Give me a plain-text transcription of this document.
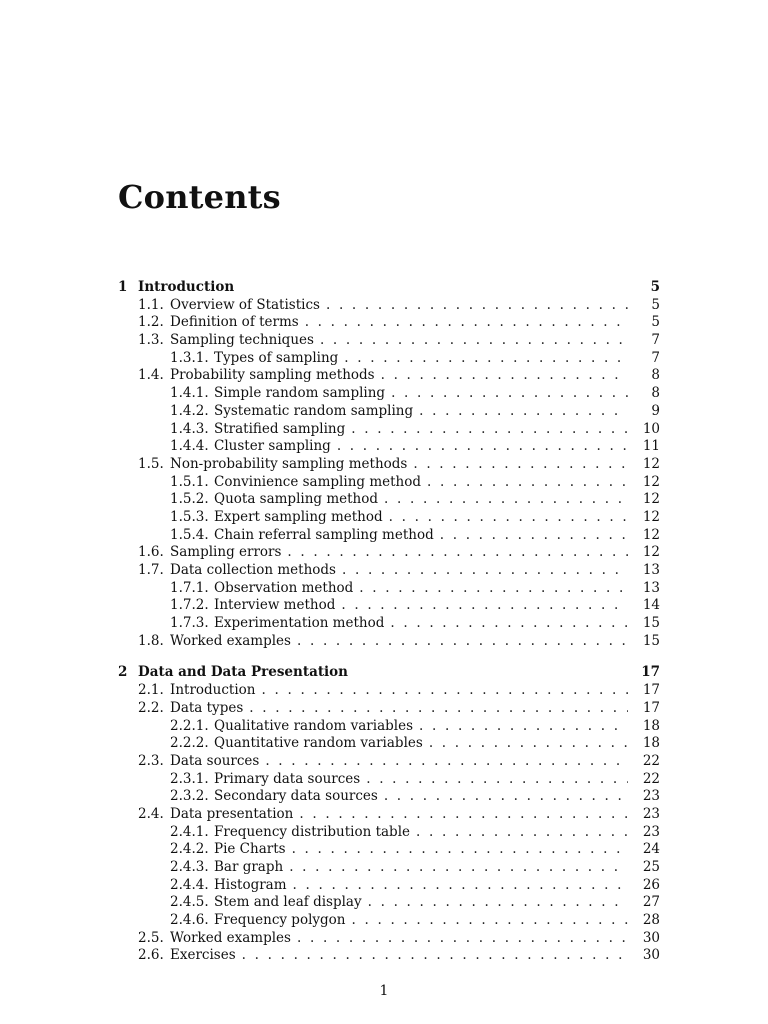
Contents
1 Introduction	5
1.1. Overview of Statistics . . .	5
1.2. Definition of terms . . .	5
1.3. Sampling techniques . . .	7
1.3.1. Types of sampling . . .	7
1.4. Probability sampling methods . . .	8
1.4.1. Simple random sampling . . .	8
1.4.2. Systematic random sampling . . .	9
1.4.3. Stratified sampling . . .	10
1.4.4. Cluster sampling . . .	11
1.5. Non-probability sampling methods . . .	12
1.5.1. Convinience sampling method . . .	12
1.5.2. Quota sampling method . . .	12
1.5.3. Expert sampling method . . .	12
1.5.4. Chain referral sampling method . . .	12
1.6. Sampling errors . . .	12
1.7. Data collection methods . . .	13
1.7.1. Observation method . . .	13
1.7.2. Interview method . . .	14
1.7.3. Experimentation method . . .	15
1.8. Worked examples . . .	15
2 Data and Data Presentation	17
2.1. Introduction . . .	17
2.2. Data types . . .	17
2.2.1. Qualitative random variables . . .	18
2.2.2. Quantitative random variables . . .	18
2.3. Data sources . . .	22
2.3.1. Primary data sources . . .	22
2.3.2. Secondary data sources . . .	23
2.4. Data presentation . . .	23
2.4.1. Frequency distribution table . . .	23
2.4.2. Pie Charts . . .	24
2.4.3. Bar graph . . .	25
2.4.4. Histogram . . .	26
2.4.5. Stem and leaf display . . .	27
2.4.6. Frequency polygon . . .	28
2.5. Worked examples . . .	30
2.6. Exercises . . .	30
1
